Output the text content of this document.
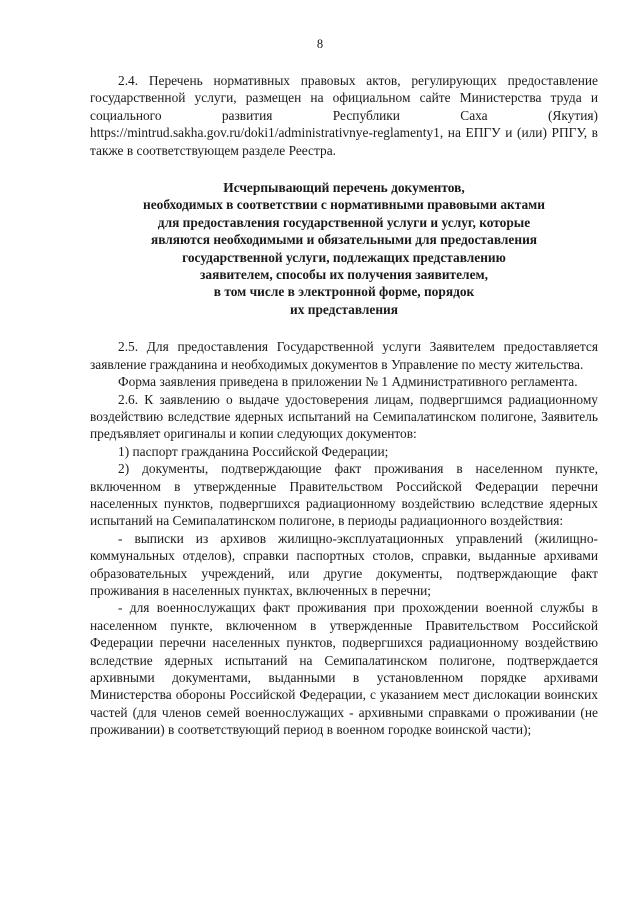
8

2.4. Перечень нормативных правовых актов, регулирующих предоставление государственной услуги, размещен на официальном сайте Министерства труда и социального развития Республики Саха (Якутия) https://mintrud.sakha.gov.ru/doki1/administrativnye-reglamenty1, на ЕПГУ и (или) РПГУ, в также в соответствующем разделе Реестра.

Исчерпывающий перечень документов,
необходимых в соответствии с нормативными правовыми актами
для предоставления государственной услуги и услуг, которые
являются необходимыми и обязательными для предоставления
государственной услуги, подлежащих представлению
заявителем, способы их получения заявителем,
в том числе в электронной форме, порядок
их представления

2.5. Для предоставления Государственной услуги Заявителем предоставляется заявление гражданина и необходимых документов в Управление по месту жительства.

Форма заявления приведена в приложении № 1 Административного регламента.

2.6. К заявлению о выдаче удостоверения лицам, подвергшимся радиационному воздействию вследствие ядерных испытаний на Семипалатинском полигоне, Заявитель предъявляет оригиналы и копии следующих документов:

1) паспорт гражданина Российской Федерации;

2) документы, подтверждающие факт проживания в населенном пункте, включенном в утвержденные Правительством Российской Федерации перечни населенных пунктов, подвергшихся радиационному воздействию вследствие ядерных испытаний на Семипалатинском полигоне, в периоды радиационного воздействия:

- выписки из архивов жилищно-эксплуатационных управлений (жилищно-коммунальных отделов), справки паспортных столов, справки, выданные архивами образовательных учреждений, или другие документы, подтверждающие факт проживания в населенных пунктах, включенных в перечни;

- для военнослужащих факт проживания при прохождении военной службы в населенном пункте, включенном в утвержденные Правительством Российской Федерации перечни населенных пунктов, подвергшихся радиационному воздействию вследствие ядерных испытаний на Семипалатинском полигоне, подтверждается архивными документами, выданными в установленном порядке архивами Министерства обороны Российской Федерации, с указанием мест дислокации воинских частей (для членов семей военнослужащих - архивными справками о проживании (не проживании) в соответствующий период в военном городке воинской части);
